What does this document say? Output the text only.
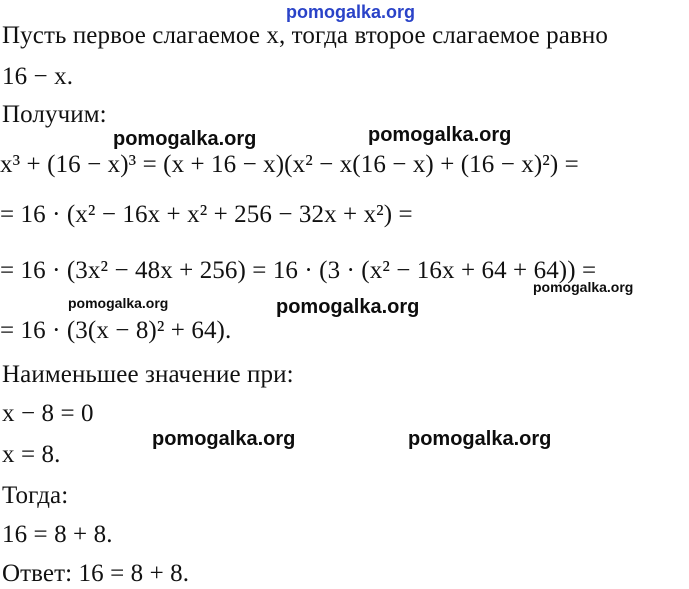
pomogalka.org
pomogalka.org	pomogalka.org
pomogalka.org	pomogalka.org
pomogalka.org
pomogalka.org	pomogalka.org
Пусть первое слагаемое x, тогда второе слагаемое равно
16 − x.
Получим:
x³ + (16 − x)³ = (x + 16 − x)(x² − x(16 − x) + (16 − x)²) =
= 16 · (x² − 16x + x² + 256 − 32x + x²) =
= 16 · (3x² − 48x + 256) = 16 · (3 · (x² − 16x + 64 + 64)) =
= 16 · (3(x − 8)² + 64).
Наименьшее значение при:
x − 8 = 0
x = 8.
Тогда:
16 = 8 + 8.
Ответ: 16 = 8 + 8.
